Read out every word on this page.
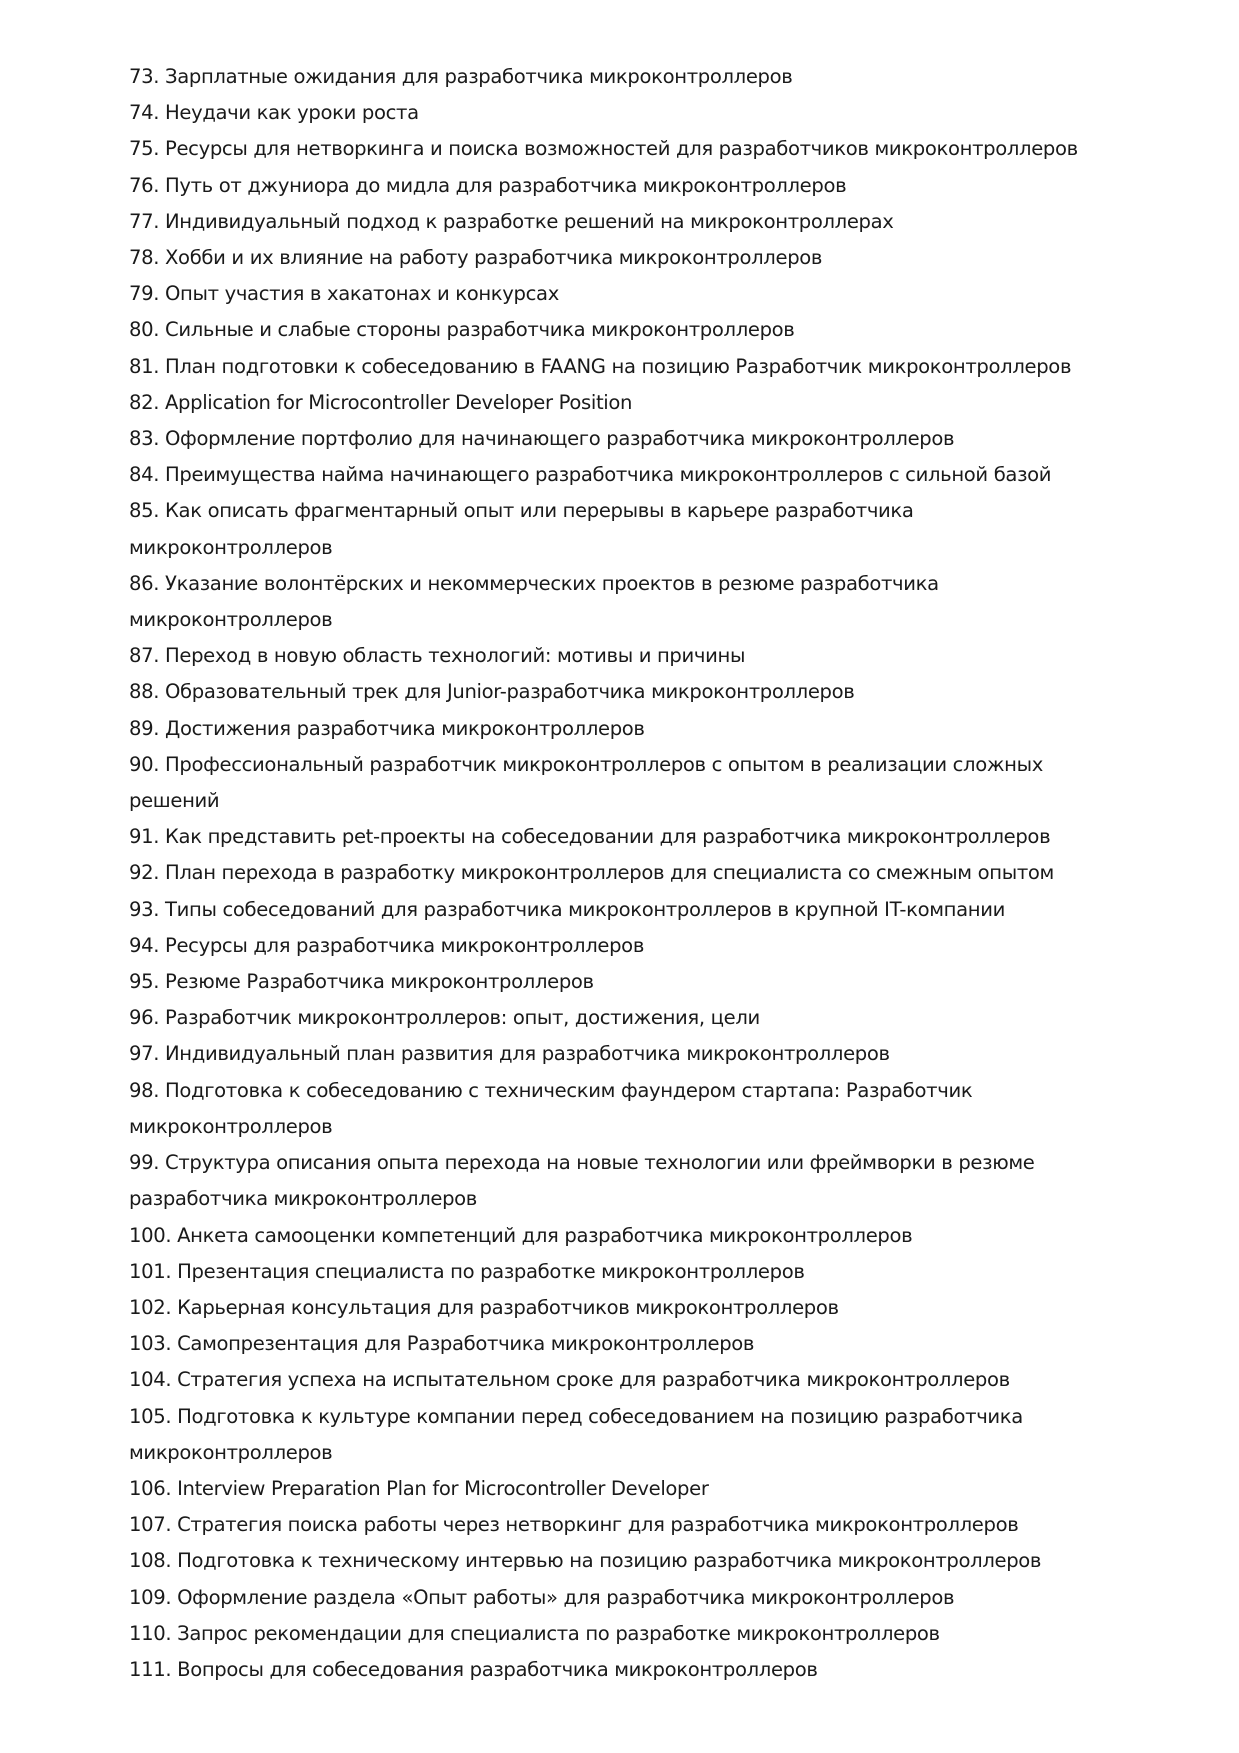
73. Зарплатные ожидания для разработчика микроконтроллеров
74. Неудачи как уроки роста
75. Ресурсы для нетворкинга и поиска возможностей для разработчиков микроконтроллеров
76. Путь от джуниора до мидла для разработчика микроконтроллеров
77. Индивидуальный подход к разработке решений на микроконтроллерах
78. Хобби и их влияние на работу разработчика микроконтроллеров
79. Опыт участия в хакатонах и конкурсах
80. Сильные и слабые стороны разработчика микроконтроллеров
81. План подготовки к собеседованию в FAANG на позицию Разработчик микроконтроллеров
82. Application for Microcontroller Developer Position
83. Оформление портфолио для начинающего разработчика микроконтроллеров
84. Преимущества найма начинающего разработчика микроконтроллеров с сильной базой
85. Как описать фрагментарный опыт или перерывы в карьере разработчика микроконтроллеров
86. Указание волонтёрских и некоммерческих проектов в резюме разработчика микроконтроллеров
87. Переход в новую область технологий: мотивы и причины
88. Образовательный трек для Junior-разработчика микроконтроллеров
89. Достижения разработчика микроконтроллеров
90. Профессиональный разработчик микроконтроллеров с опытом в реализации сложных решений
91. Как представить pet-проекты на собеседовании для разработчика микроконтроллеров
92. План перехода в разработку микроконтроллеров для специалиста со смежным опытом
93. Типы собеседований для разработчика микроконтроллеров в крупной IT-компании
94. Ресурсы для разработчика микроконтроллеров
95. Резюме Разработчика микроконтроллеров
96. Разработчик микроконтроллеров: опыт, достижения, цели
97. Индивидуальный план развития для разработчика микроконтроллеров
98. Подготовка к собеседованию с техническим фаундером стартапа: Разработчик микроконтроллеров
99. Структура описания опыта перехода на новые технологии или фреймворки в резюме разработчика микроконтроллеров
100. Анкета самооценки компетенций для разработчика микроконтроллеров
101. Презентация специалиста по разработке микроконтроллеров
102. Карьерная консультация для разработчиков микроконтроллеров
103. Самопрезентация для Разработчика микроконтроллеров
104. Стратегия успеха на испытательном сроке для разработчика микроконтроллеров
105. Подготовка к культуре компании перед собеседованием на позицию разработчика микроконтроллеров
106. Interview Preparation Plan for Microcontroller Developer
107. Стратегия поиска работы через нетворкинг для разработчика микроконтроллеров
108. Подготовка к техническому интервью на позицию разработчика микроконтроллеров
109. Оформление раздела «Опыт работы» для разработчика микроконтроллеров
110. Запрос рекомендации для специалиста по разработке микроконтроллеров
111. Вопросы для собеседования разработчика микроконтроллеров
